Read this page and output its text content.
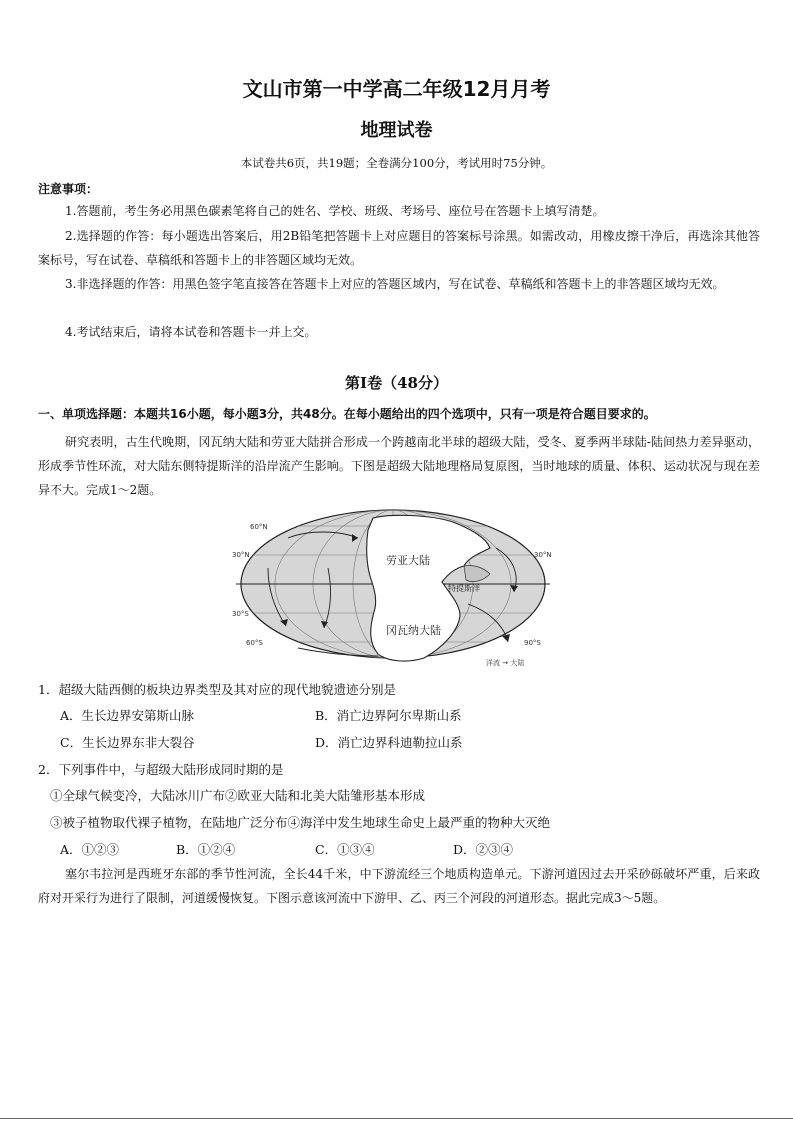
文山市第一中学高二年级12月月考
地理试卷
本试卷共6页，共19题；全卷满分100分，考试用时75分钟。
注意事项：
1.答题前，考生务必用黑色碳素笔将自己的姓名、学校、班级、考场号、座位号在答题卡上填写清楚。
2.选择题的作答：每小题选出答案后，用2B铅笔把答题卡上对应题目的答案标号涂黑。如需改动，用橡皮擦干净后，再选涂其他答案标号，写在试卷、草稿纸和答题卡上的非答题区域均无效。
3.非选择题的作答：用黑色签字笔直接答在答题卡上对应的答题区域内，写在试卷、草稿纸和答题卡上的非答题区域均无效。
4.考试结束后，请将本试卷和答题卡一并上交。
第I卷（48分）
一、单项选择题：本题共16小题，每小题3分，共48分。在每小题给出的四个选项中，只有一项是符合题目要求的。
研究表明，古生代晚期，冈瓦纳大陆和劳亚大陆拼合形成一个跨越南北半球的超级大陆，受冬、夏季两半球陆-陆间热力差异驱动，形成季节性环流，对大陆东侧特提斯洋的沿岸流产生影响。下图是超级大陆地理格局复原图，当时地球的质量、体积、运动状况与现在差异不大。完成1～2题。
60°N
30°N	30°N
30°S
60°S	90°S
劳亚大陆
冈瓦纳大陆
特提斯洋
洋流 → 大陆
1．超级大陆西侧的板块边界类型及其对应的现代地貌遗迹分别是
A．生长边界安第斯山脉	B．消亡边界阿尔卑斯山系
C．生长边界东非大裂谷	D．消亡边界科迪勒拉山系
2．下列事件中，与超级大陆形成同时期的是
①全球气候变冷，大陆冰川广布②欧亚大陆和北美大陆雏形基本形成
③被子植物取代裸子植物，在陆地广泛分布④海洋中发生地球生命史上最严重的物种大灭绝
A．①②③	B．①②④	C．①③④	D．②③④
塞尔韦拉河是西班牙东部的季节性河流，全长44千米，中下游流经三个地质构造单元。下游河道因过去开采砂砾破坏严重，后来政府对开采行为进行了限制，河道缓慢恢复。下图示意该河流中下游甲、乙、丙三个河段的河道形态。据此完成3～5题。
